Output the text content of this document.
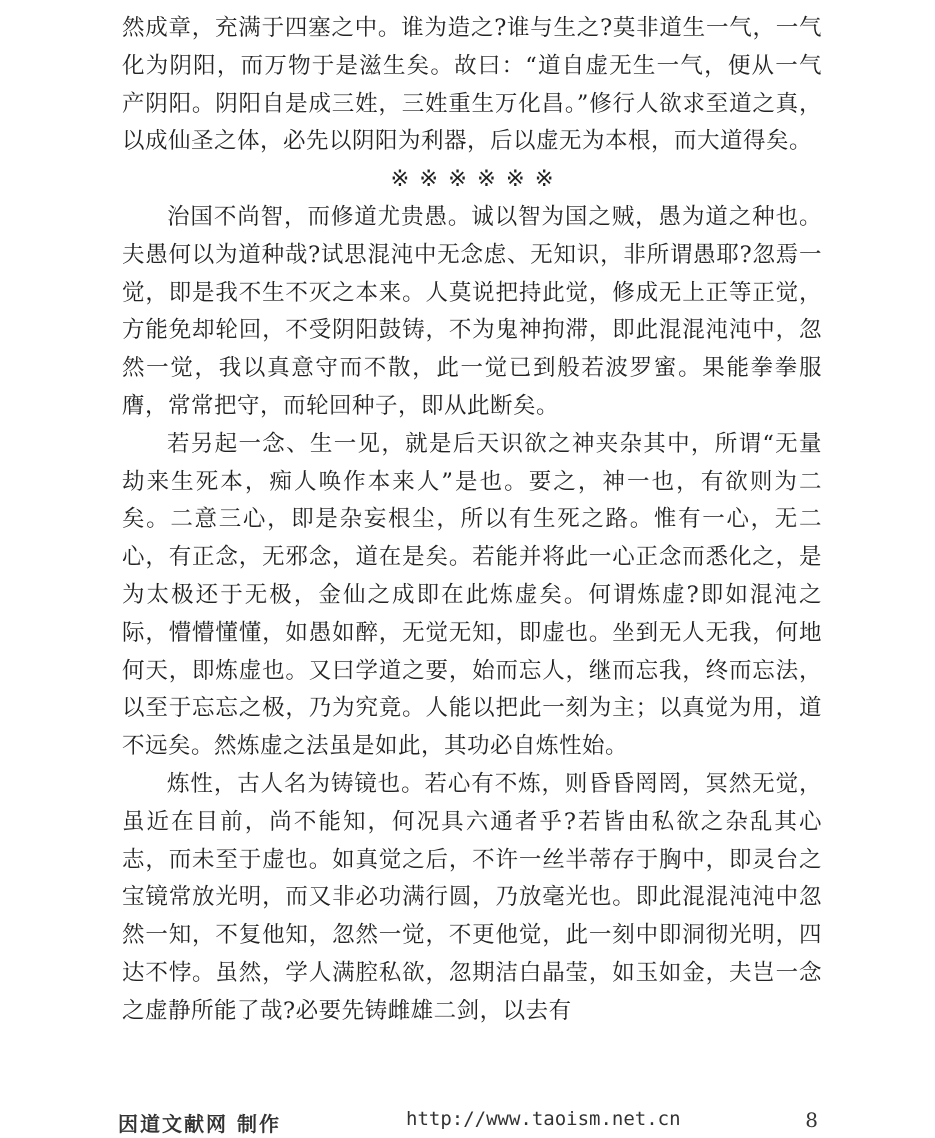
然成章，充满于四塞之中。谁为造之?谁与生之?莫非道生一气，一气化为阴阳，而万物于是滋生矣。故曰：“道自虚无生一气，便从一气产阴阳。阴阳自是成三姓，三姓重生万化昌。”修行人欲求至道之真，以成仙圣之体，必先以阴阳为利器，后以虚无为本根，而大道得矣。

※※※※※※

治国不尚智，而修道尤贵愚。诚以智为国之贼，愚为道之种也。夫愚何以为道种哉?试思混沌中无念虑、无知识，非所谓愚耶?忽焉一觉，即是我不生不灭之本来。人莫说把持此觉，修成无上正等正觉，方能免却轮回，不受阴阳鼓铸，不为鬼神拘滞，即此混混沌沌中，忽然一觉，我以真意守而不散，此一觉已到般若波罗蜜。果能拳拳服膺，常常把守，而轮回种子，即从此断矣。

若另起一念、生一见，就是后天识欲之神夹杂其中，所谓“无量劫来生死本，痴人唤作本来人”是也。要之，神一也，有欲则为二矣。二意三心，即是杂妄根尘，所以有生死之路。惟有一心，无二心，有正念，无邪念，道在是矣。若能并将此一心正念而悉化之，是为太极还于无极，金仙之成即在此炼虚矣。何谓炼虚?即如混沌之际，懵懵懂懂，如愚如醉，无觉无知，即虚也。坐到无人无我，何地何天，即炼虚也。又曰学道之要，始而忘人，继而忘我，终而忘法，以至于忘忘之极，乃为究竟。人能以把此一刻为主；以真觉为用，道不远矣。然炼虚之法虽是如此，其功必自炼性始。

炼性，古人名为铸镜也。若心有不炼，则昏昏罔罔，冥然无觉，虽近在目前，尚不能知，何况具六通者乎?若皆由私欲之杂乱其心志，而未至于虚也。如真觉之后，不许一丝半蒂存于胸中，即灵台之宝镜常放光明，而又非必功满行圆，乃放毫光也。即此混混沌沌中忽然一知，不复他知，忽然一觉，不更他觉，此一刻中即洞彻光明，四达不悖。虽然，学人满腔私欲，忽期洁白晶莹，如玉如金，夫岂一念之虚静所能了哉?必要先铸雌雄二剑，以去有

因道文献网 制作	http://www.taoism.net.cn	8
